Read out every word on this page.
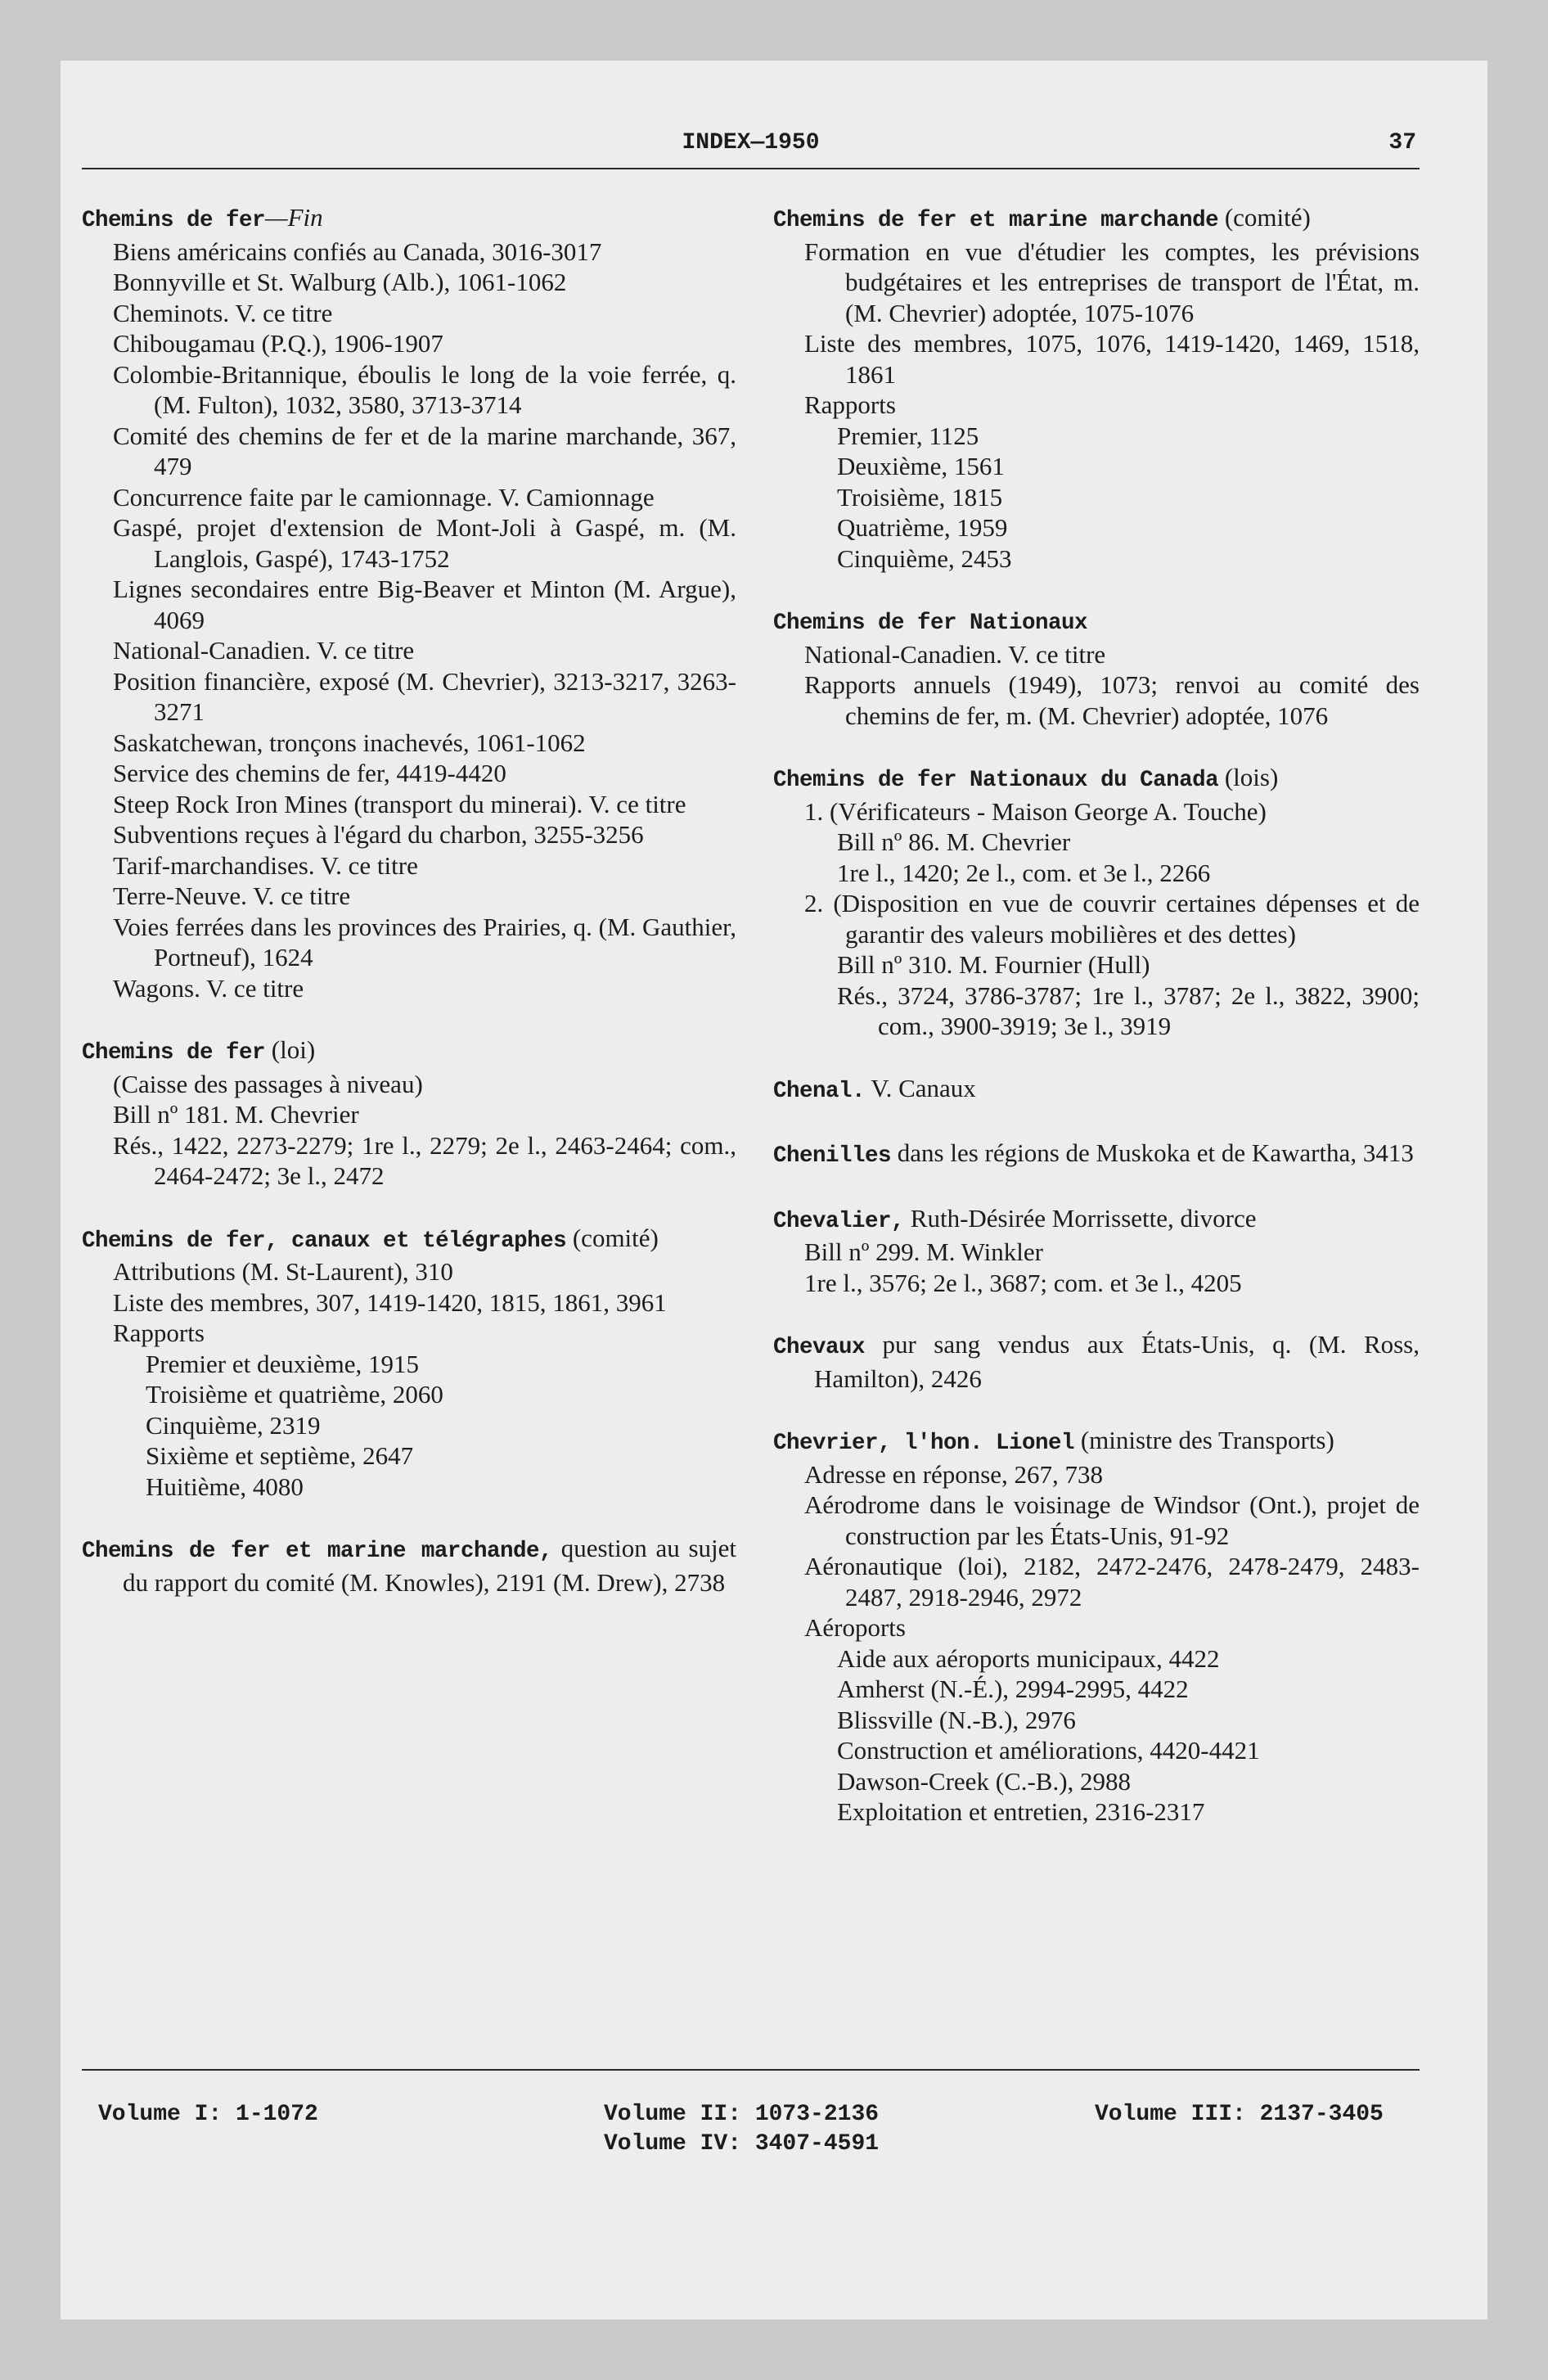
INDEX—1950	37
Chemins de fer—Fin
Biens américains confiés au Canada, 3016-3017
Bonnyville et St. Walburg (Alb.), 1061-1062
Cheminots. V. ce titre
Chibougamau (P.Q.), 1906-1907
Colombie-Britannique, éboulis le long de la voie ferrée, q. (M. Fulton), 1032, 3580, 3713-3714
Comité des chemins de fer et de la marine marchande, 367, 479
Concurrence faite par le camionnage. V. Camionnage
Gaspé, projet d'extension de Mont-Joli à Gaspé, m. (M. Langlois, Gaspé), 1743-1752
Lignes secondaires entre Big-Beaver et Minton (M. Argue), 4069
National-Canadien. V. ce titre
Position financière, exposé (M. Chevrier), 3213-3217, 3263-3271
Saskatchewan, tronçons inachevés, 1061-1062
Service des chemins de fer, 4419-4420
Steep Rock Iron Mines (transport du minerai). V. ce titre
Subventions reçues à l'égard du charbon, 3255-3256
Tarif-marchandises. V. ce titre
Terre-Neuve. V. ce titre
Voies ferrées dans les provinces des Prairies, q. (M. Gauthier, Portneuf), 1624
Wagons. V. ce titre
Chemins de fer (loi)
(Caisse des passages à niveau)
Bill nº 181. M. Chevrier
Rés., 1422, 2273-2279; 1re l., 2279; 2e l., 2463-2464; com., 2464-2472; 3e l., 2472
Chemins de fer, canaux et télégraphes (comité)
Attributions (M. St-Laurent), 310
Liste des membres, 307, 1419-1420, 1815, 1861, 3961
Rapports
Premier et deuxième, 1915
Troisième et quatrième, 2060
Cinquième, 2319
Sixième et septième, 2647
Huitième, 4080
Chemins de fer et marine marchande, question au sujet du rapport du comité (M. Knowles), 2191 (M. Drew), 2738
Chemins de fer et marine marchande (comité)
Formation en vue d'étudier les comptes, les prévisions budgétaires et les entreprises de transport de l'État, m. (M. Chevrier) adoptée, 1075-1076
Liste des membres, 1075, 1076, 1419-1420, 1469, 1518, 1861
Rapports
Premier, 1125
Deuxième, 1561
Troisième, 1815
Quatrième, 1959
Cinquième, 2453
Chemins de fer Nationaux
National-Canadien. V. ce titre
Rapports annuels (1949), 1073; renvoi au comité des chemins de fer, m. (M. Chevrier) adoptée, 1076
Chemins de fer Nationaux du Canada (lois)
1. (Vérificateurs - Maison George A. Touche)
Bill nº 86. M. Chevrier
1re l., 1420; 2e l., com. et 3e l., 2266
2. (Disposition en vue de couvrir certaines dépenses et de garantir des valeurs mobilières et des dettes)
Bill nº 310. M. Fournier (Hull)
Rés., 3724, 3786-3787; 1re l., 3787; 2e l., 3822, 3900; com., 3900-3919; 3e l., 3919
Chenal. V. Canaux
Chenilles dans les régions de Muskoka et de Kawartha, 3413
Chevalier, Ruth-Désirée Morrissette, divorce
Bill nº 299. M. Winkler
1re l., 3576; 2e l., 3687; com. et 3e l., 4205
Chevaux pur sang vendus aux États-Unis, q. (M. Ross, Hamilton), 2426
Chevrier, l'hon. Lionel (ministre des Transports)
Adresse en réponse, 267, 738
Aérodrome dans le voisinage de Windsor (Ont.), projet de construction par les États-Unis, 91-92
Aéronautique (loi), 2182, 2472-2476, 2478-2479, 2483-2487, 2918-2946, 2972
Aéroports
Aide aux aéroports municipaux, 4422
Amherst (N.-É.), 2994-2995, 4422
Blissville (N.-B.), 2976
Construction et améliorations, 4420-4421
Dawson-Creek (C.-B.), 2988
Exploitation et entretien, 2316-2317
Volume I: 1-1072	Volume II: 1073-2136
Volume IV: 3407-4591
Volume III: 2137-3405
